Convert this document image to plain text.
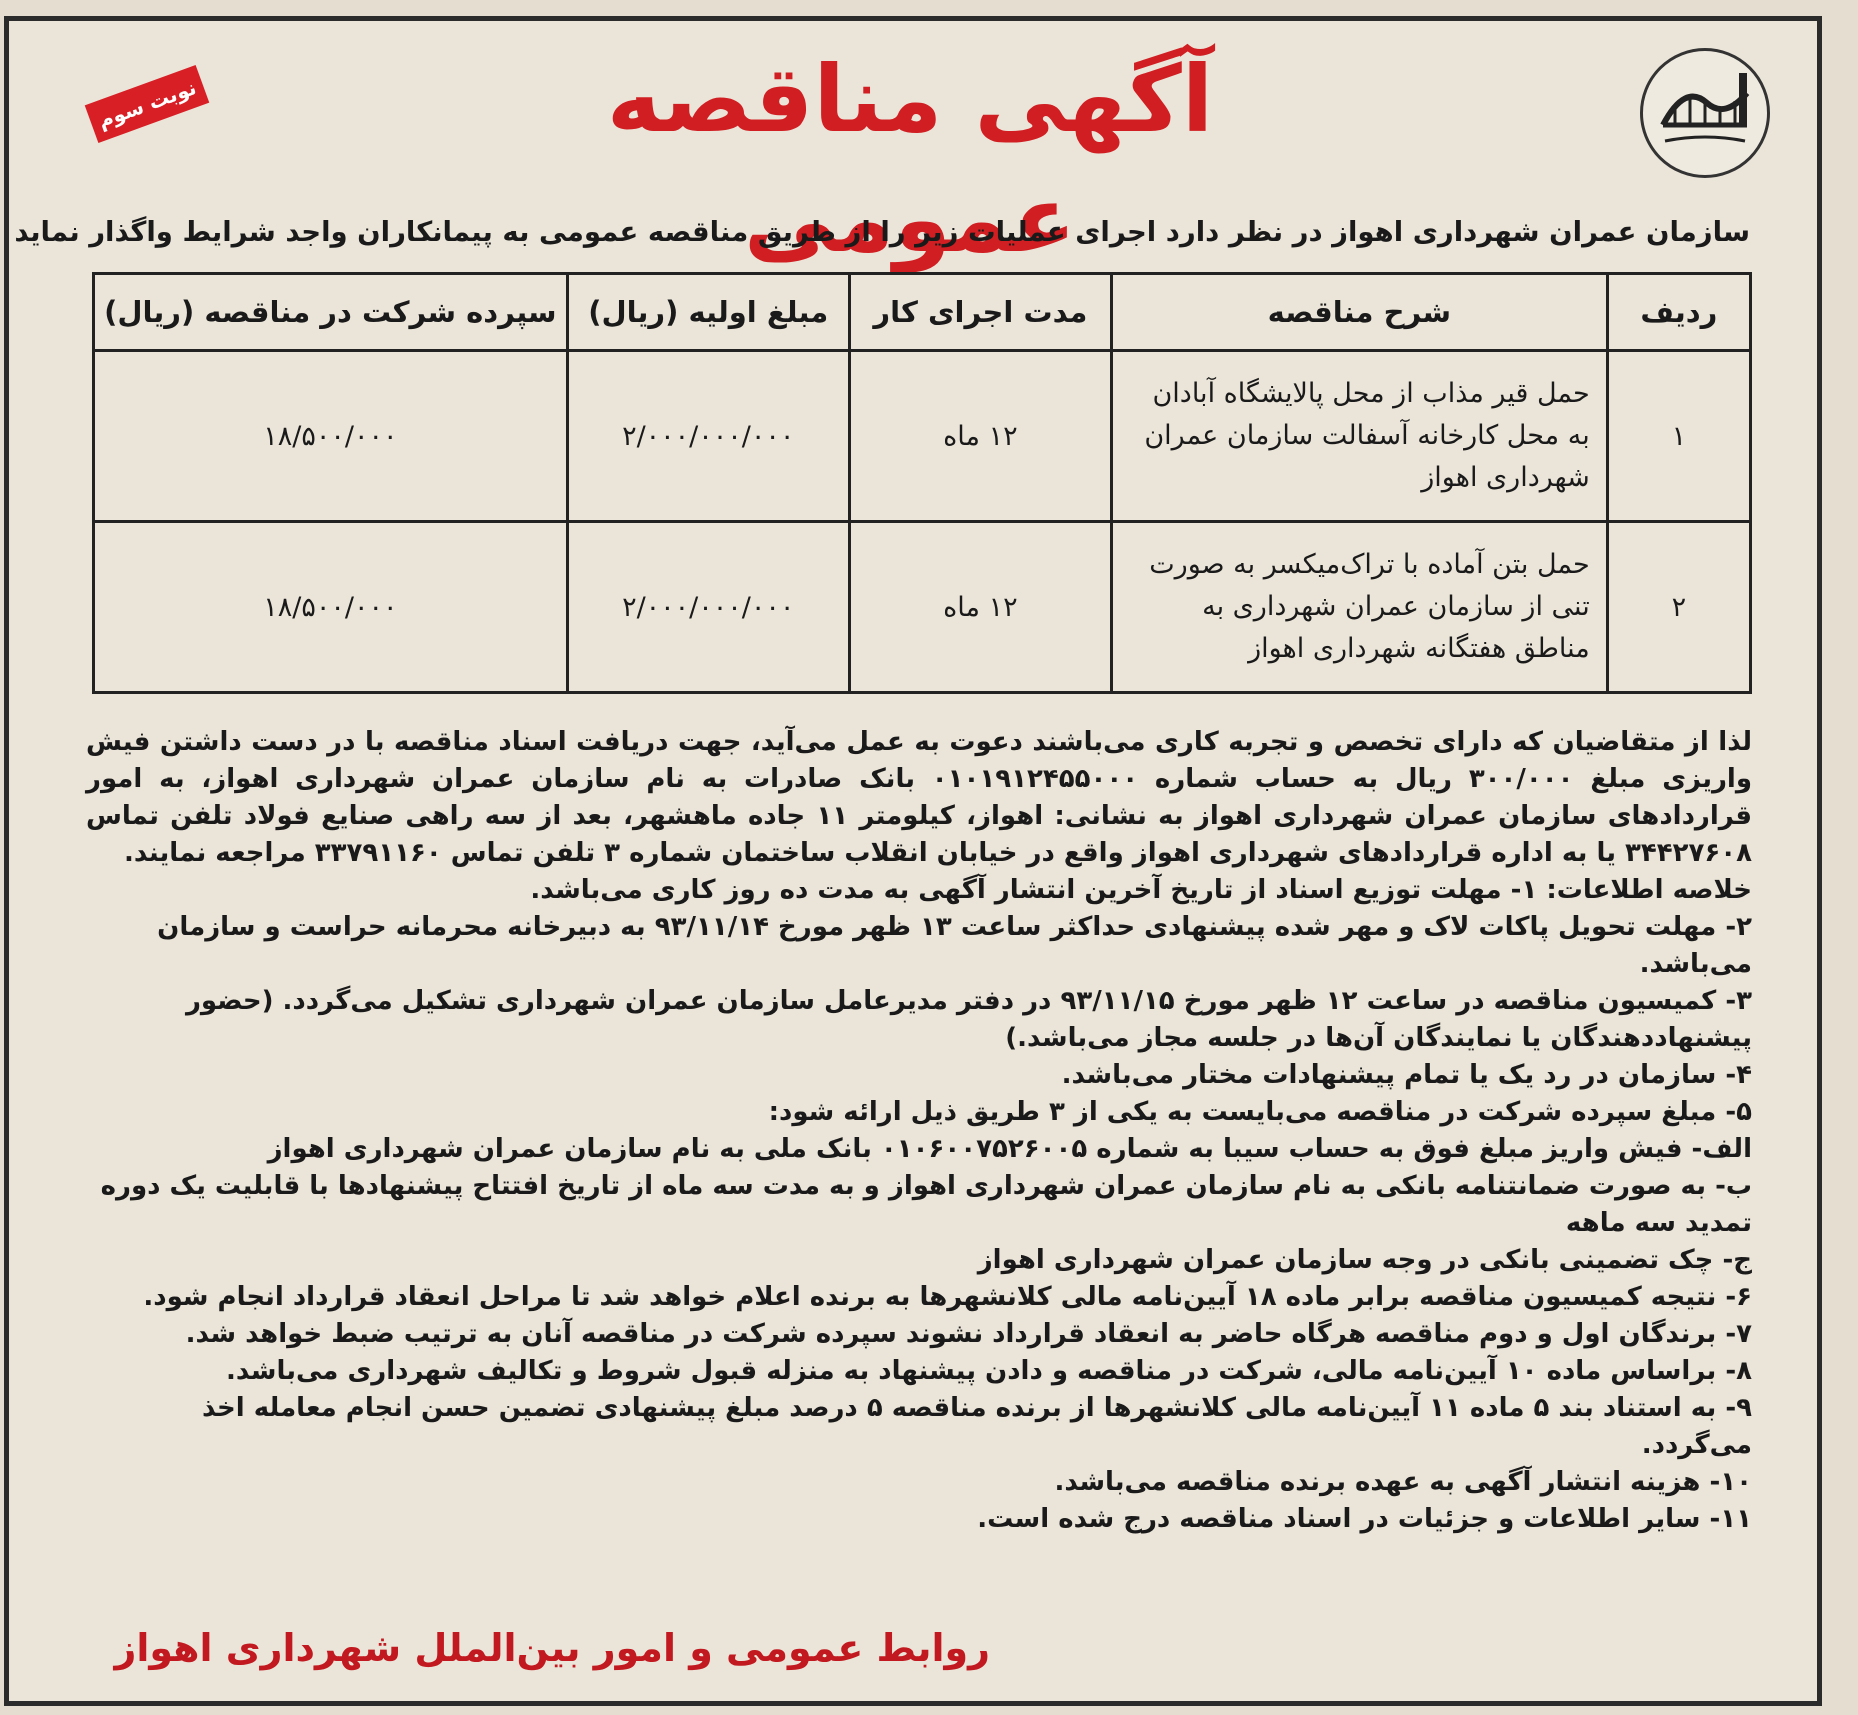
آگهی مناقصه عمومی
نوبت سوم
سازمان عمران شهرداری اهواز در نظر دارد اجرای عملیات زیر را از طریق مناقصه عمومی به پیمانکاران واجد شرایط واگذار نماید
ردیف	شرح مناقصه	مدت اجرای کار	مبلغ اولیه (ریال)	سپرده شرکت در مناقصه (ریال)
۱	حمل قیر مذاب از محل پالایشگاه آبادان به محل کارخانه آسفالت سازمان عمران شهرداری اهواز	۱۲ ماه	۲/۰۰۰/۰۰۰/۰۰۰	۱۸/۵۰۰/۰۰۰
۲	حمل بتن آماده با تراک‌میکسر به صورت تنی از سازمان عمران شهرداری به مناطق هفتگانه شهرداری اهواز	۱۲ ماه	۲/۰۰۰/۰۰۰/۰۰۰	۱۸/۵۰۰/۰۰۰

لذا از متقاضیان که دارای تخصص و تجربه کاری می‌باشند دعوت به عمل می‌آید، جهت دریافت اسناد مناقصه با در دست داشتن فیش واریزی مبلغ ۳۰۰/۰۰۰ ریال به حساب شماره ۰۱۰۱۹۱۲۴۵۵۰۰۰ بانک صادرات به نام سازمان عمران شهرداری اهواز، به امور قراردادهای سازمان عمران شهرداری اهواز به نشانی: اهواز، کیلومتر ۱۱ جاده ماهشهر، بعد از سه راهی صنایع فولاد تلفن تماس ۳۴۴۲۷۶۰۸ یا به اداره قراردادهای شهرداری اهواز واقع در خیابان انقلاب ساختمان شماره ۳ تلفن تماس ۳۳۷۹۱۱۶۰ مراجعه نمایند.

خلاصه اطلاعات: ۱- مهلت توزیع اسناد از تاریخ آخرین انتشار آگهی به مدت ده روز کاری می‌باشد.

۲- مهلت تحویل پاکات لاک و مهر شده پیشنهادی حداکثر ساعت ۱۳ ظهر مورخ ۹۳/۱۱/۱۴ به دبیرخانه محرمانه حراست و سازمان می‌باشد.

۳- کمیسیون مناقصه در ساعت ۱۲ ظهر مورخ ۹۳/۱۱/۱۵ در دفتر مدیرعامل سازمان عمران شهرداری تشکیل می‌گردد. (حضور پیشنهاددهندگان یا نمایندگان آن‌ها در جلسه مجاز می‌باشد.)

۴- سازمان در رد یک یا تمام پیشنهادات مختار می‌باشد.

۵- مبلغ سپرده شرکت در مناقصه می‌بایست به یکی از ۳ طریق ذیل ارائه شود:

الف- فیش واریز مبلغ فوق به حساب سیبا به شماره ۰۱۰۶۰۰۷۵۲۶۰۰۵ بانک ملی به نام سازمان عمران شهرداری اهواز

ب- به صورت ضمانتنامه بانکی به نام سازمان عمران شهرداری اهواز و به مدت سه ماه از تاریخ افتتاح پیشنهادها با قابلیت یک دوره تمدید سه ماهه

ج- چک تضمینی بانکی در وجه سازمان عمران شهرداری اهواز

۶- نتیجه کمیسیون مناقصه برابر ماده ۱۸ آیین‌نامه مالی کلانشهرها به برنده اعلام خواهد شد تا مراحل انعقاد قرارداد انجام شود.

۷- برندگان اول و دوم مناقصه هرگاه حاضر به انعقاد قرارداد نشوند سپرده شرکت در مناقصه آنان به ترتیب ضبط خواهد شد.

۸- براساس ماده ۱۰ آیین‌نامه مالی، شرکت در مناقصه و دادن پیشنهاد به منزله قبول شروط و تکالیف شهرداری می‌باشد.

۹- به استناد بند ۵ ماده ۱۱ آیین‌نامه مالی کلانشهرها از برنده مناقصه ۵ درصد مبلغ پیشنهادی تضمین حسن انجام معامله اخذ می‌گردد.

۱۰- هزینه انتشار آگهی به عهده برنده مناقصه می‌باشد.

۱۱- سایر اطلاعات و جزئیات در اسناد مناقصه درج شده است.

روابط عمومی و امور بین‌الملل شهرداری اهواز
